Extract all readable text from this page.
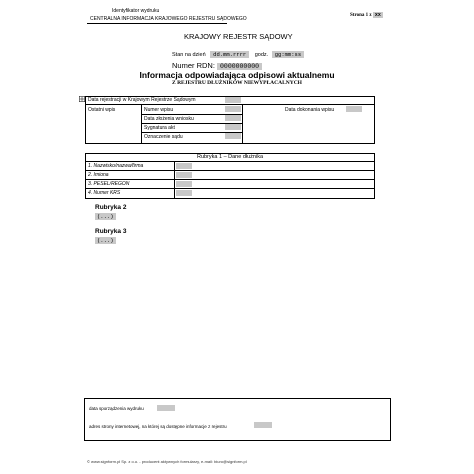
Identyfikator wydruku
CENTRALNA INFORMACJA KRAJOWEGO REJESTRU SĄDOWEGO
Strona 1 z xx
KRAJOWY REJESTR SĄDOWY
Stan na dzień dd.mm.rrrr godz. gg:mm:ss
Numer RDN: 0000000000
Informacja odpowiadająca odpisowi aktualnemu
Z REJESTRU DŁUŻNIKÓW NIEWYPŁACALNYCH
Data rejestracji w Krajowym Rejestrze Sądowym
Ostatni wpis	Numer wpisu	Data dokonania wpisu
Data złożenia wniosku
Sygnatura akt
Oznaczenie sądu
Rubryka 1 – Dane dłużnika
1. Nazwisko/nazwa/firma
2. Imiona
3. PESEL/REGON
4. Numer KRS
Rubryka 2
(...)
Rubryka 3
(...)
data sporządzenia wydruku
adres strony internetowej, na której są dostępne informacje z rejestru
© www.signform.pl Sp. z o.o. - producent aktywnych formularzy, e-mail: biuro@signform.pl
